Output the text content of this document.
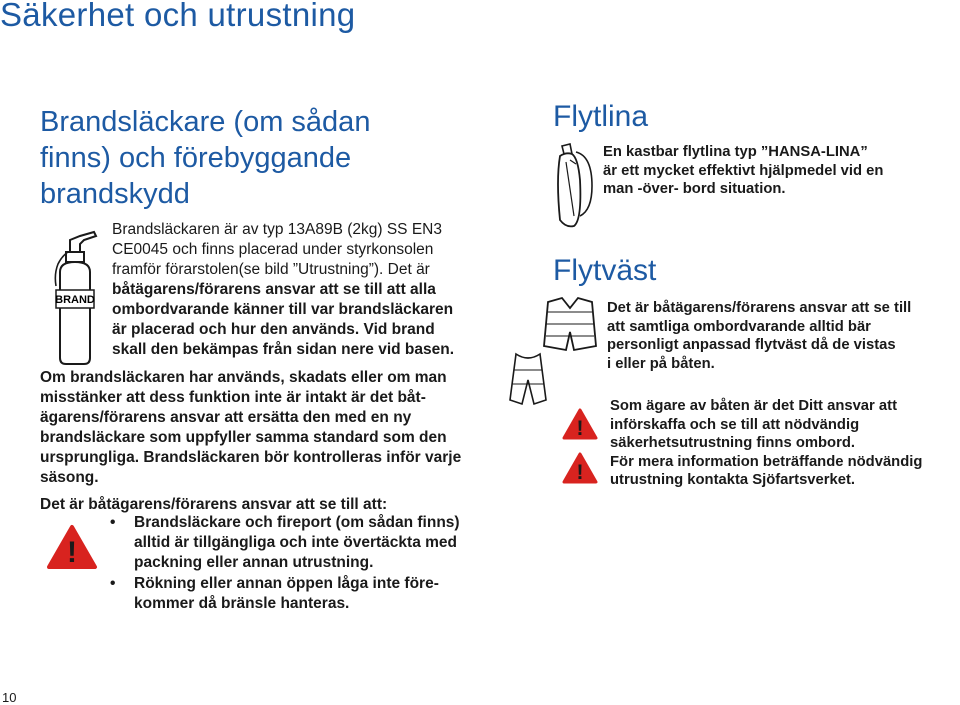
Säkerhet och utrustning
Brandsläckare (om sådan
finns) och förebyggande
brandskydd
BRAND

Brandsläckaren är av typ 13A89B (2kg) SS EN3
CE0045 och finns placerad under styrkonsolen
framför förarstolen(se bild ”Utrustning”). Det är
båtägarens/förarens ansvar att se till att alla
ombordvarande känner till var brandsläckaren
är placerad och hur den används. Vid brand
skall den bekämpas från sidan nere vid basen.

Om brandsläckaren har används, skadats eller om man
misstänker att dess funktion inte är intakt är det båt-
ägarens/förarens ansvar att ersätta den med en ny
brandsläckare som uppfyller samma standard som den
ursprungliga. Brandsläckaren bör kontrolleras inför varje
säsong.

Det är båtägarens/förarens ansvar att se till att:

!
• Brandsläckare och fireport (om sådan finns)
alltid är tillgängliga och inte övertäckta med
packning eller annan utrustning.
• Rökning eller annan öppen låga inte före-
kommer då bränsle hanteras.
Flytlina

En kastbar flytlina typ ”HANSA-LINA”
är ett mycket effektivt hjälpmedel vid en
man -över- bord situation.

Flytväst

Det är båtägarens/förarens ansvar att se till
att samtliga ombordvarande alltid bär
personligt anpassad flytväst då de vistas
i eller på båten.

!
!

Som ägare av båten är det Ditt ansvar att
införskaffa och se till att nödvändig
säkerhetsutrustning finns ombord.
För mera information beträffande nödvändig
utrustning kontakta Sjöfartsverket.

10
